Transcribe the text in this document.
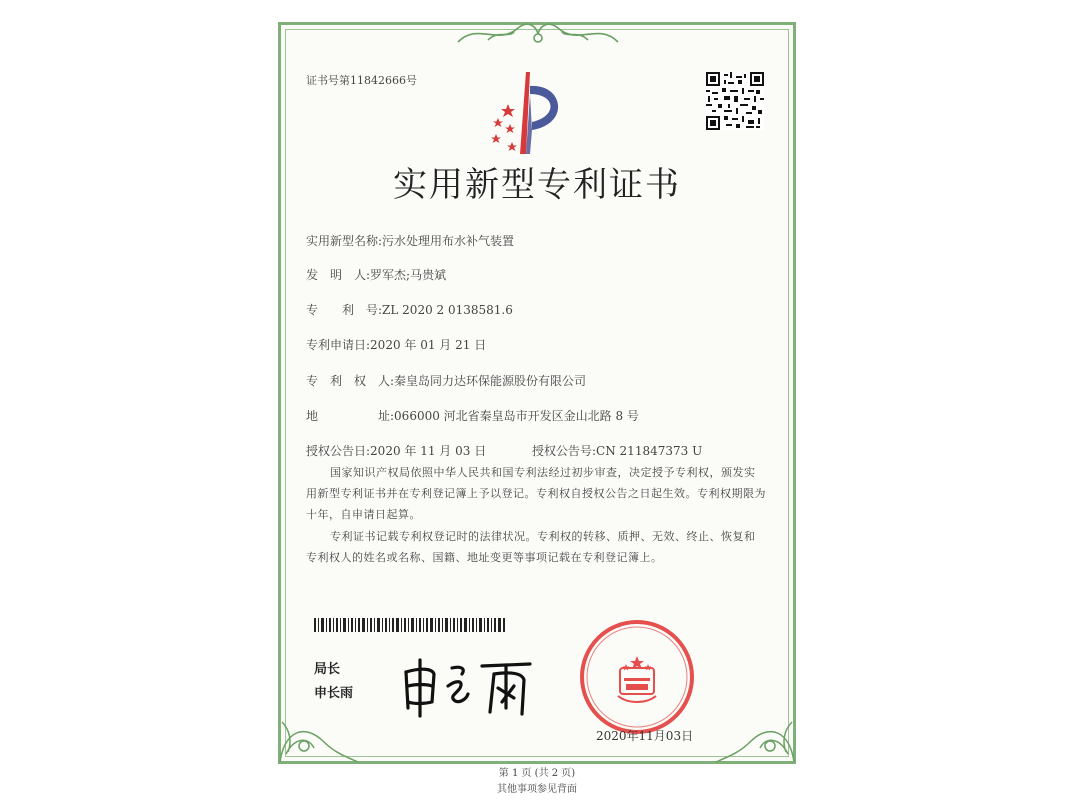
证书号第11842666号
实用新型专利证书
实用新型名称:污水处理用布水补气装置
发　明　人:罗军杰;马贵斌
专　　利　号:ZL 2020 2 0138581.6
专利申请日:2020 年 01 月 21 日
专　利　权　人:秦皇岛同力达环保能源股份有限公司
地　　　　　址:066000 河北省秦皇岛市开发区金山北路 8 号
授权公告日:2020 年 11 月 03 日	授权公告号:CN 211847373 U
国家知识产权局依照中华人民共和国专利法经过初步审查，决定授予专利权，颁发实用新型专利证书并在专利登记簿上予以登记。专利权自授权公告之日起生效。专利权期限为十年，自申请日起算。
专利证书记载专利权登记时的法律状况。专利权的转移、质押、无效、终止、恢复和专利权人的姓名或名称、国籍、地址变更等事项记载在专利登记簿上。
局长
申长雨
2020年11月03日
第 1 页 (共 2 页)
其他事项参见背面
